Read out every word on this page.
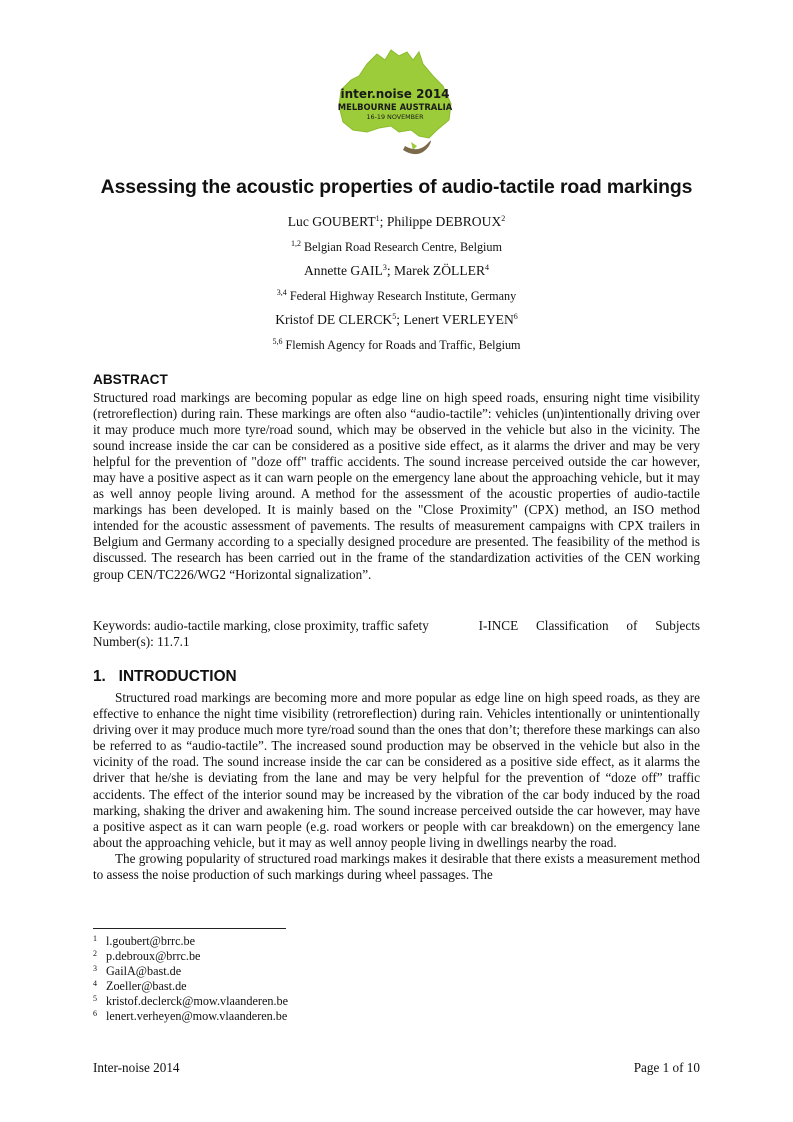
inter.noise 2014
MELBOURNE AUSTRALIA
16-19 NOVEMBER
Assessing the acoustic properties of audio-tactile road markings
Luc GOUBERT$^1$; Philippe DEBROUX$^2$
$^{1,2}$ Belgian Road Research Centre, Belgium
Annette GAIL$^3$; Marek ZÖLLER$^4$
$^{3,4}$ Federal Highway Research Institute, Germany
Kristof DE CLERCK$^5$; Lenert VERLEYEN$^6$
$^{5,6}$ Flemish Agency for Roads and Traffic, Belgium
ABSTRACT
Structured road markings are becoming popular as edge line on high speed roads, ensuring night time visibility (retroreflection) during rain. These markings are often also “audio-tactile”: vehicles (un)intentionally driving over it may produce much more tyre/road sound, which may be observed in the vehicle but also in the vicinity. The sound increase inside the car can be considered as a positive side effect, as it alarms the driver and may be very helpful for the prevention of "doze off" traffic accidents. The sound increase perceived outside the car however, may have a positive aspect as it can warn people on the emergency lane about the approaching vehicle, but it may as well annoy people living around. A method for the assessment of the acoustic properties of audio-tactile markings has been developed. It is mainly based on the "Close Proximity" (CPX) method, an ISO method intended for the acoustic assessment of pavements. The results of measurement campaigns with CPX trailers in Belgium and Germany according to a specially designed procedure are presented. The feasibility of the method is discussed. The research has been carried out in the frame of the standardization activities of the CEN working group CEN/TC226/WG2 “Horizontal signalization”.
Keywords: audio-tactile marking, close proximity, traffic safety	I-INCE Classification of Subjects
Number(s): 11.7.1
1.   INTRODUCTION

Structured road markings are becoming more and more popular as edge line on high speed roads, as they are effective to enhance the night time visibility (retroreflection) during rain. Vehicles intentionally or unintentionally driving over it may produce much more tyre/road sound than the ones that don’t; therefore these markings can also be referred to as “audio-tactile”. The increased sound production may be observed in the vehicle but also in the vicinity of the road. The sound increase inside the car can be considered as a positive side effect, as it alarms the driver that he/she is deviating from the lane and may be very helpful for the prevention of “doze off” traffic accidents. The effect of the interior sound may be increased by the vibration of the car body induced by the road marking, shaking the driver and awakening him. The sound increase perceived outside the car however, may have a positive aspect as it can warn people (e.g. road workers or people with car breakdown) on the emergency lane about the approaching vehicle, but it may as well annoy people living in dwellings nearby the road.

The growing popularity of structured road markings makes it desirable that there exists a measurement method to assess the noise production of such markings during wheel passages. The

1 l.goubert@brrc.be
2 p.debroux@brrc.be
3 GailA@bast.de
4 Zoeller@bast.de
5 kristof.declerck@mow.vlaanderen.be
6 lenert.verheyen@mow.vlaanderen.be
Inter-noise 2014	Page 1 of 10
